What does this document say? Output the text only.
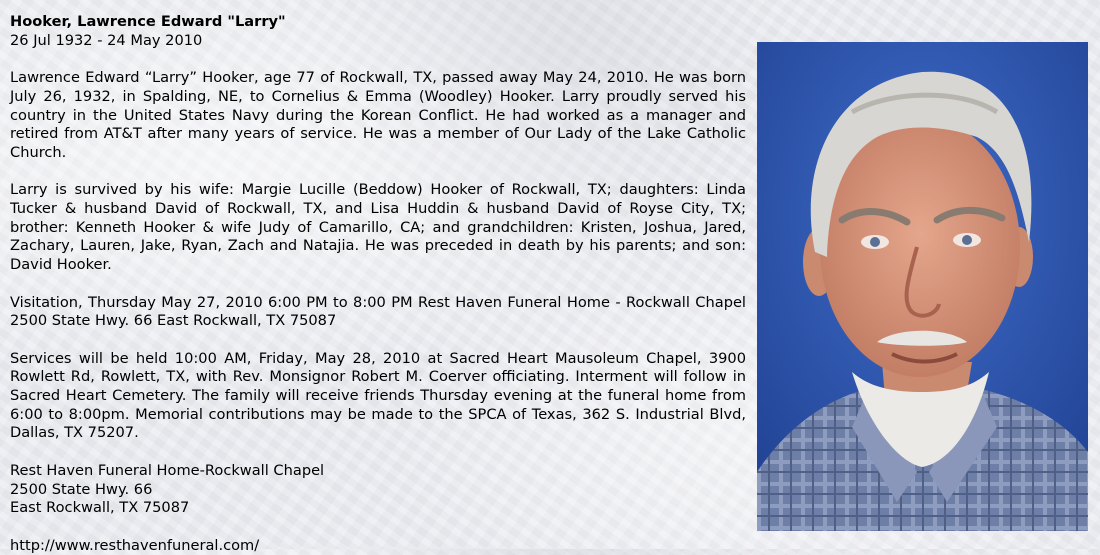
Hooker, Lawrence Edward "Larry"

26 Jul 1932 - 24 May 2010

Lawrence Edward “Larry” Hooker, age 77 of Rockwall, TX, passed away May 24, 2010. He was born July 26, 1932, in Spalding, NE, to Cornelius & Emma (Woodley) Hooker. Larry proudly served his country in the United States Navy during the Korean Conflict. He had worked as a manager and retired from AT&T after many years of service. He was a member of Our Lady of the Lake Catholic Church.

Larry is survived by his wife: Margie Lucille (Beddow) Hooker of Rockwall, TX; daughters: Linda Tucker & husband David of Rockwall, TX, and Lisa Huddin & husband David of Royse City, TX; brother: Kenneth Hooker & wife Judy of Camarillo, CA; and grandchildren: Kristen, Joshua, Jared, Zachary, Lauren, Jake, Ryan, Zach and Natajia. He was preceded in death by his parents; and son: David Hooker.

Visitation, Thursday May 27, 2010 6:00 PM to 8:00 PM Rest Haven Funeral Home - Rockwall Chapel 2500 State Hwy. 66 East Rockwall, TX 75087

Services will be held 10:00 AM, Friday, May 28, 2010 at Sacred Heart Mausoleum Chapel, 3900 Rowlett Rd, Rowlett, TX, with Rev. Monsignor Robert M. Coerver officiating. Interment will follow in Sacred Heart Cemetery. The family will receive friends Thursday evening at the funeral home from 6:00 to 8:00pm. Memorial contributions may be made to the SPCA of Texas, 362 S. Industrial Blvd, Dallas, TX 75207.

Rest Haven Funeral Home-Rockwall Chapel
2500 State Hwy. 66
East Rockwall, TX 75087

http://www.resthavenfuneral.com/
